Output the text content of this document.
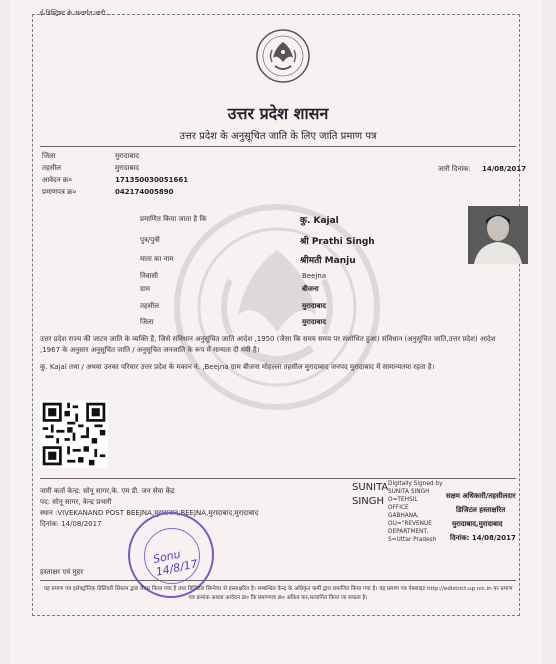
ई-डिस्ट्रिक्ट के अन्तर्गत जारी...
उत्तर प्रदेश शासन
उत्तर प्रदेश के अनुसूचित जाति के लिए जाति प्रमाण पत्र
जिला	मुरादाबाद
तहसील	मुरादाबाद
आवेदन क्र०	171350030051661
प्रमाणपत्र क्र०	042174005890
जारी दिनांक: 14/08/2017
प्रमाणित किया जाता है कि	कु. Kajal
पुत्र/पुत्री	श्री Prathi Singh
माता का नाम	श्रीमती Manju
निवासी	Beejna
ग्राम	बीजना
तहसील	मुरादाबाद
जिला	मुरादाबाद
उत्तर प्रदेश राज्य की जाटव जाति के व्यक्ति हैं, जिसे संविधान अनुसूचित जाति आदेश ,1950 (जैसा कि समय समय पर संशोधित हुआ) संविधान (अनुसूचित जाति,उत्तर प्रदेश) आदेश ,1967 के अनुसार अनुसूचित जाति / अनुसूचित जनजाति के रूप में मान्यता दी गयी है।
कु. Kajal तथा / अथवा उनका परिवार उत्तर प्रदेश के मकान नं. ,Beejna ग्राम बीजना मोहल्ला तहसील मुरादाबाद जनपद मुरादाबाद में सामान्यतया रहता है।
जारी कर्ता केन्द्र: सोनू सागर,के. एम डी. जन सेवा केंद्र
पद: सोनू सागर, केन्द्र प्रभारी
स्थान :VIVEKANAND POST BEEJNA,मुरादाबाद,BEEJNA,मुरादाबाद,मुरादाबाद
दिनांक: 14/08/2017
SUNITA
SINGH
Digitally Signed by
SUNITA SINGH
O=TEHSIL
OFFICE
GABHANA,
OU="REVENUE
DEPARTMENT,
S=Uttar Pradesh
सक्षम अधिकारी/तहसीलदार
डिजिटल हस्ताक्षरित
मुरादाबाद,मुरादाबाद
दिनांक: 14/08/2017
Sonu 14/8/17
हस्ताक्षर एवं मुहर
यह प्रमाण पत्र इलेक्ट्रॉनिक डिलिवरी सिस्टम द्वारा तैयार किया गया है तथा डिजिटल सिग्नेचर से हस्ताक्षरित है। सम्बन्धित केन्द्र के अधिकृत कर्मी द्वारा प्रमाणित किया गया है। यह प्रमाण पत्र वेबसाइट http://edistrict.up.nic.in पर प्रमाण पत्र क्रमांक अथवा आवेदन क्र० कि प्रमाणपत्र क्र० अंकित कर,सत्यापित किया जा सकता है।
